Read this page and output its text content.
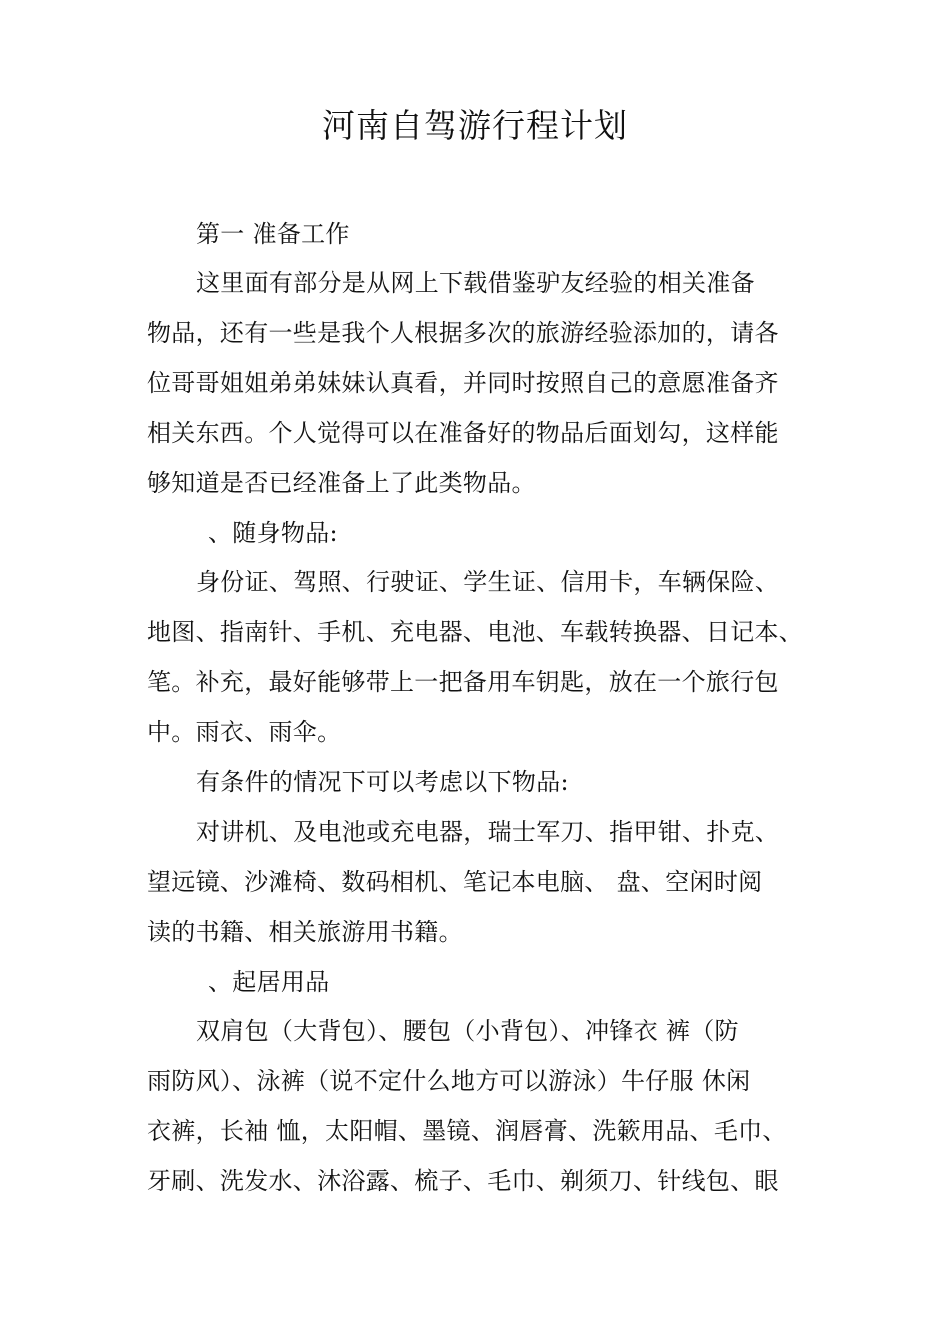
河南自驾游行程计划
第一 准备工作
这里面有部分是从网上下载借鉴驴友经验的相关准备
物品，还有一些是我个人根据多次的旅游经验添加的，请各
位哥哥姐姐弟弟妹妹认真看，并同时按照自己的意愿准备齐
相关东西。个人觉得可以在准备好的物品后面划勾，这样能
够知道是否已经准备上了此类物品。
、随身物品:
身份证、驾照、行驶证、学生证、信用卡，车辆保险、
地图、指南针、手机、充电器、电池、车载转换器、日记本、
笔。补充，最好能够带上一把备用车钥匙，放在一个旅行包
中。雨衣、雨伞。
有条件的情况下可以考虑以下物品:
对讲机、及电池或充电器，瑞士军刀、指甲钳、扑克、
望远镜、沙滩椅、数码相机、笔记本电脑、 盘、空闲时阅
读的书籍、相关旅游用书籍。
、起居用品
双肩包（大背包）、腰包（小背包）、冲锋衣 裤（防
雨防风）、泳裤（说不定什么地方可以游泳）牛仔服 休闲
衣裤，长袖 恤，太阳帽、墨镜、润唇膏、洗簌用品、毛巾、
牙刷、洗发水、沐浴露、梳子、毛巾、剃须刀、针线包、眼
